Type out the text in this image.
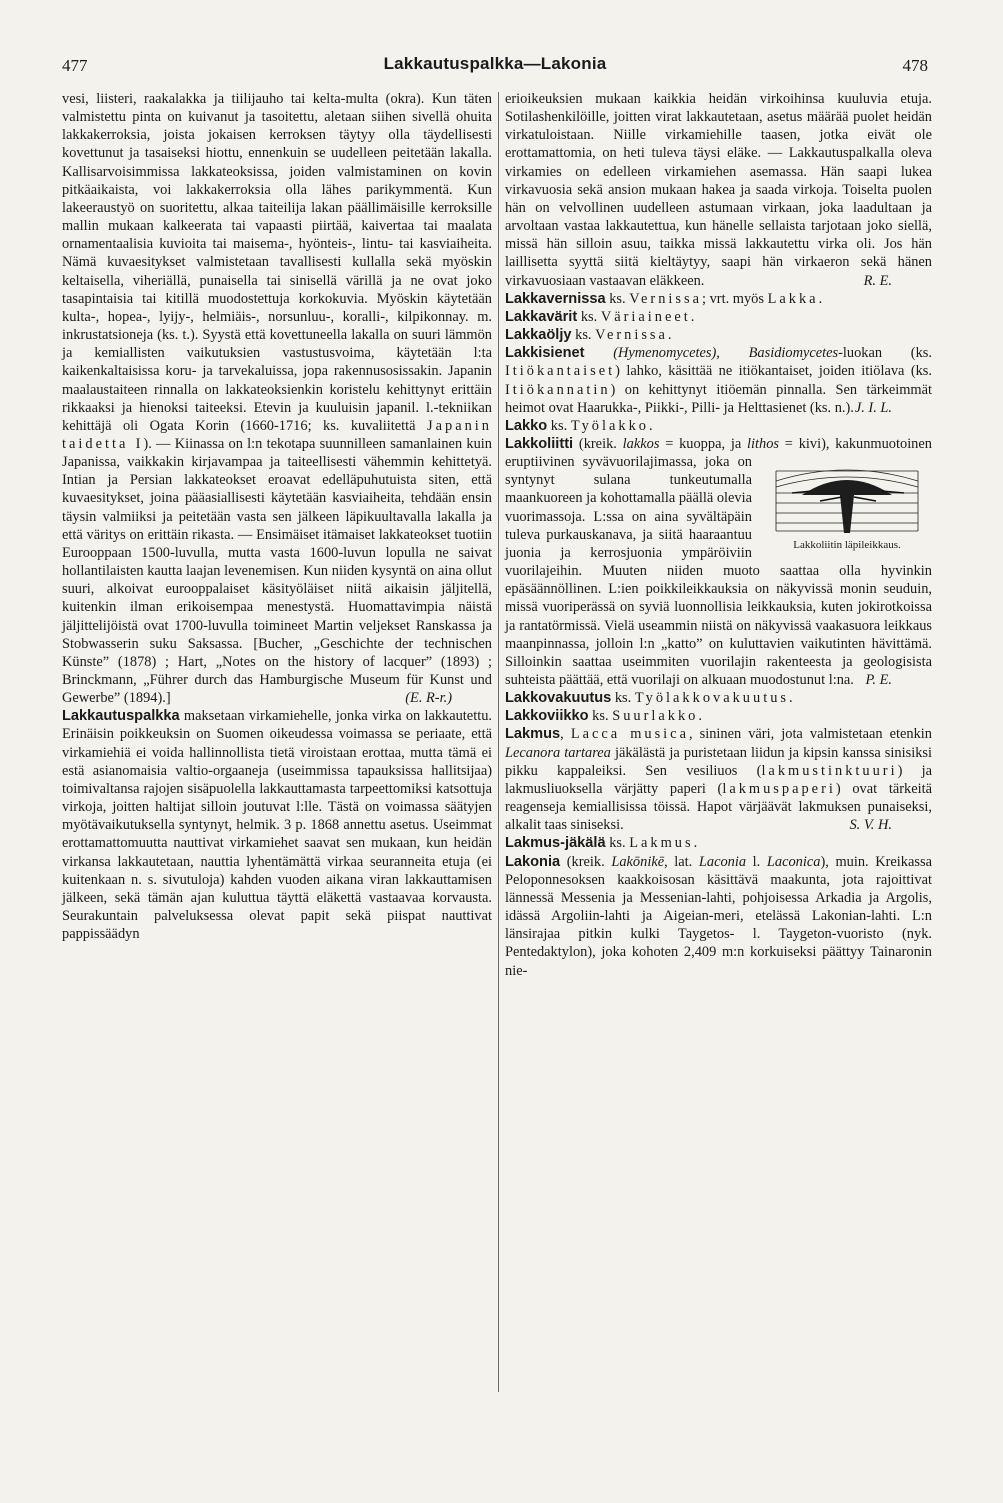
477	Lakkautuspalkka—Lakonia	478

vesi, liisteri, raakalakka ja tiilijauho tai kelta-multa (okra). Kun täten valmistettu pinta on kuivanut ja tasoitettu, aletaan siihen sivellä ohuita lakkakerroksia, joista jokaisen kerroksen täytyy olla täydellisesti kovettunut ja tasaiseksi hiottu, ennenkuin se uudelleen peitetään lakalla. Kallisarvoisimmissa lakkateoksissa, joiden valmistaminen on kovin pitkäaikaista, voi lakkakerroksia olla lähes parikymmentä. Kun lakeeraustyö on suoritettu, alkaa taiteilija lakan päällimäisille kerroksille mallin mukaan kalkeerata tai vapaasti piirtää, kaivertaa tai maalata ornamentaalisia kuvioita tai maisema-, hyönteis-, lintu- tai kasviaiheita. Nämä kuvaesitykset valmistetaan tavallisesti kullalla sekä myöskin keltaisella, viheriällä, punaisella tai sinisellä värillä ja ne ovat joko tasapintaisia tai kitillä muodostettuja korkokuvia. Myöskin käytetään kulta-, hopea-, lyijy-, helmiäis-, norsunluu-, koralli-, kilpikonnay. m. inkrustatsioneja (ks. t.). Syystä että kovettuneella lakalla on suuri lämmön ja kemiallisten vaikutuksien vastustusvoima, käytetään l:ta kaikenkaltaisissa koru- ja tarvekaluissa, jopa rakennusosissakin. Japanin maalaustaiteen rinnalla on lakkateoksienkin koristelu kehittynyt erittäin rikkaaksi ja hienoksi taiteeksi. Etevin ja kuuluisin japanil. l.-tekniikan kehittäjä oli Ogata Korin (1660-1716; ks. kuvaliitettä Japanin taidetta I). — Kiinassa on l:n tekotapa suunnilleen samanlainen kuin Japanissa, vaikkakin kirjavampaa ja taiteellisesti vähemmin kehittetyä. Intian ja Persian lakkateokset eroavat edelläpuhutuista siten, että kuvaesitykset, joina pääasiallisesti käytetään kasviaiheita, tehdään ensin täysin valmiiksi ja peitetään vasta sen jälkeen läpikuultavalla lakalla ja että väritys on erittäin rikasta. — Ensimäiset itämaiset lakkateokset tuotiin Eurooppaan 1500-luvulla, mutta vasta 1600-luvun lopulla ne saivat hollantilaisten kautta laajan levenemisen. Kun niiden kysyntä on aina ollut suuri, alkoivat eurooppalaiset käsityöläiset niitä aikaisin jäljitellä, kuitenkin ilman erikoisempaa menestystä. Huomattavimpia näistä jäljittelijöistä ovat 1700-luvulla toimineet Martin veljekset Ranskassa ja Stobwasserin suku Saksassa. [Bucher, „Geschichte der technischen Künste” (1878) ; Hart, „Notes on the history of lacquer” (1893) ; Brinckmann, „Führer durch das Hamburgische Museum für Kunst und Gewerbe” (1894).]	(E. R-r.)

Lakkautuspalkka maksetaan virkamiehelle, jonka virka on lakkautettu. Erinäisin poikkeuksin on Suomen oikeudessa voimassa se periaate, että virkamiehiä ei voida hallinnollista tietä viroistaan erottaa, mutta tämä ei estä asianomaisia valtio-orgaaneja (useimmissa tapauksissa hallitsijaa) toimivaltansa rajojen sisäpuolella lakkauttamasta tarpeettomiksi katsottuja virkoja, joitten haltijat silloin joutuvat l:lle. Tästä on voimassa säätyjen myötävaikutuksella syntynyt, helmik. 3 p. 1868 annettu asetus. Useimmat erottamattomuutta nauttivat virkamiehet saavat sen mukaan, kun heidän virkansa lakkautetaan, nauttia lyhentämättä virkaa seuranneita etuja (ei kuitenkaan n. s. sivutuloja) kahden vuoden aikana viran lakkauttamisen jälkeen, sekä tämän ajan kuluttua täyttä eläkettä vastaavaa korvausta. Seurakuntain palveluksessa olevat papit sekä piispat nauttivat pappissäädyn

erioikeuksien mukaan kaikkia heidän virkoihinsa kuuluvia etuja. Sotilashenkilöille, joitten virat lakkautetaan, asetus määrää puolet heidän virkatuloistaan. Niille virkamiehille taasen, jotka eivät ole erottamattomia, on heti tuleva täysi eläke. — Lakkautuspalkalla oleva virkamies on edelleen virkamiehen asemassa. Hän saapi lukea virkavuosia sekä ansion mukaan hakea ja saada virkoja. Toiselta puolen hän on velvollinen uudelleen astumaan virkaan, joka laadultaan ja arvoltaan vastaa lakkautettua, kun hänelle sellaista tarjotaan joko siellä, missä hän silloin asuu, taikka missä lakkautettu virka oli. Jos hän laillisetta syyttä siitä kieltäytyy, saapi hän virkaeron sekä hänen virkavuosiaan vastaavan eläkkeen.	R. E.

Lakkavernissa ks. Vernissa; vrt. myös Lakka.

Lakkavärit ks. Väriaineet.

Lakkaöljy ks. Vernissa.

Lakkisienet (Hymenomycetes), Basidiomycetes-luokan (ks. Itiökantaiset) lahko, käsittää ne itiökantaiset, joiden itiölava (ks. Itiökannatin) on kehittynyt itiöemän pinnalla. Sen tärkeimmät heimot ovat Haarukka-, Piikki-, Pilli- ja Helttasienet (ks. n.). J. I. L.

Lakko ks. Työlakko.

Lakkoliitti (kreik. lakkos = kuoppa, ja lithos
Lakkoliitin läpileikkaus.
= kivi), kakunmuotoinen eruptiivinen syvävuorilajimassa, joka on syntynyt sulana tunkeutumalla maankuoreen ja kohottamalla päällä olevia vuorimassoja. L:ssa on aina syvältäpäin tuleva purkauskanava, ja siitä haaraantuu juonia ja kerrosjuonia ympäröiviin vuorilajeihin. Muuten niiden muoto saattaa olla hyvinkin epäsäännöllinen. L:ien poikkileikkauksia on näkyvissä monin seuduin, missä vuoriperässä on syviä luonnollisia leikkauksia, kuten jokirotkoissa ja rantatörmissä. Vielä useammin niistä on näkyvissä vaakasuora leikkaus maanpinnassa, jolloin l:n „katto” on kuluttavien vaikutinten hävittämä. Silloinkin saattaa useimmiten vuorilajin rakenteesta ja geologisista suhteista päättää, että vuorilaji on alkuaan muodostunut l:na. P. E.

Lakkovakuutus ks. Työlakkovakuutus.

Lakkoviikko ks. Suurlakko.

Lakmus, Lacca musica, sininen väri, jota valmistetaan etenkin Lecanora tartarea jäkälästä ja puristetaan liidun ja kipsin kanssa sinisiksi pikku kappaleiksi. Sen vesiliuos (lakmustinktuuri) ja lakmusliuoksella värjätty paperi (lakmuspaperi) ovat tärkeitä reagenseja kemiallisissa töissä. Hapot värjäävät lakmuksen punaiseksi, alkalit taas siniseksi.	S. V. H.

Lakmus-jäkälä ks. Lakmus.

Lakonia (kreik. Lakōnikē, lat. Laconia l. Laconica), muin. Kreikassa Peloponnesoksen kaakkoisosan käsittävä maakunta, jota rajoittivat lännessä Messenia ja Messenian-lahti, pohjoisessa Arkadia ja Argolis, idässä Argoliin-lahti ja Aigeian-meri, etelässä Lakonian-lahti. L:n länsirajaa pitkin kulki Taygetos- l. Taygeton-vuoristo (nyk. Pentedaktylon), joka kohoten 2,409 m:n korkuiseksi päättyy Tainaronin nie-
